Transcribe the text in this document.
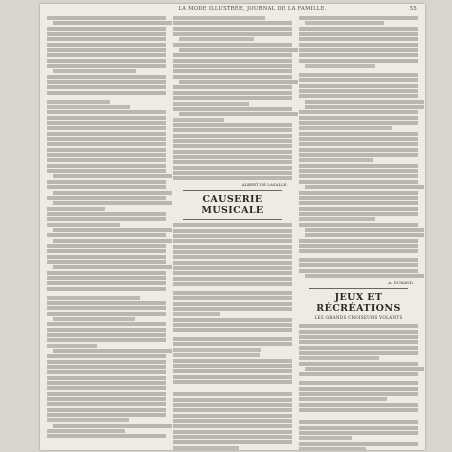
LA MODE ILLUSTRÉE, JOURNAL DE LA FAMILLE.	55
ALBERT DE LASALLE.
CAUSERIE MUSICALE
A. DURAND.
JEUX ET RÉCRÉATIONS
LES GRANDS CROISEURS VOLANTS
